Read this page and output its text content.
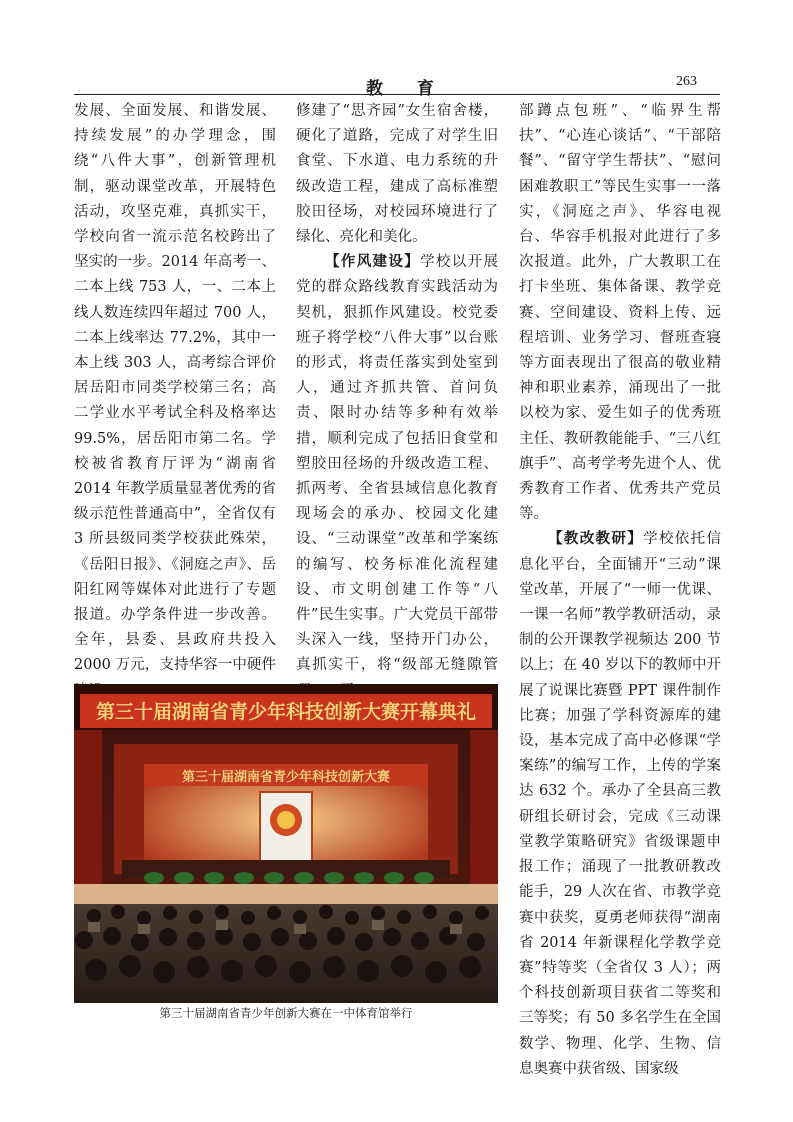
教 育	263

发展、全面发展、和谐发展、持续发展”的办学理念，围绕“八件大事”，创新管理机制，驱动课堂改革，开展特色活动，攻坚克难，真抓实干，学校向省一流示范名校跨出了坚实的一步。2014 年高考一、二本上线 753 人，一、二本上线人数连续四年超过 700 人，二本上线率达 77.2%，其中一本上线 303 人，高考综合评价居岳阳市同类学校第三名；高二学业水平考试全科及格率达 99.5%，居岳阳市第二名。学校被省教育厅评为“湖南省 2014 年教学质量显著优秀的省级示范性普通高中”，全省仅有 3 所县级同类学校获此殊荣，《岳阳日报》、《洞庭之声》、岳阳红网等媒体对此进行了专题报道。办学条件进一步改善。全年，县委、县政府共投入 2000 万元，支持华容一中硬件

修建了“思齐园”女生宿舍楼，硬化了道路，完成了对学生旧食堂、下水道、电力系统的升级改造工程，建成了高标准塑胶田径场，对校园环境进行了绿化、亮化和美化。

【作风建设】学校以开展党的群众路线教育实践活动为契机，狠抓作风建设。校党委班子将学校“八件大事”以台账的形式，将责任落实到处室到人，通过齐抓共管、首问负责、限时办结等多种有效举措，顺利完成了包括旧食堂和塑胶田径场的升级改造工程、抓两考、全省县域信息化教育现场会的承办、校园文化建设、“三动课堂”改革和学案练的编写、校务标准化流程建设、市文明创建工作等“八件”民生实事。广大党员干部带头深入一线，坚持开门办公，真抓实干，将“级部无缝隙管

部蹲点包班”、“临界生帮扶”、“心连心谈话”、“干部陪餐”、“留守学生帮扶”、“慰问困难教职工”等民生实事一一落实，《洞庭之声》、华容电视台、华容手机报对此进行了多次报道。此外，广大教职工在打卡坐班、集体备课、教学竞赛、空间建设、资料上传、远程培训、业务学习、督班查寝等方面表现出了很高的敬业精神和职业素养，涌现出了一批以校为家、爱生如子的优秀班主任、教研教能能手、“三八红旗手”、高考学考先进个人、优秀教育工作者、优秀共产党员等。

【教改教研】学校依托信息化平台，全面铺开“三动”课堂改革，开展了“一师一优课、一课一名师”教学教研活动，录制的公开课教学视频达 200 节以上；在 40 岁以下的教师中开展了说课比赛暨 PPT 课件制作比赛；加强了学科资源库的建设，基本完成了高中必修课“学案练”的编写工作，上传的学案达 632 个。承办了全县高三教研组长研讨会，完成《三动课堂教学策略研究》省级课题申报工作；涌现了一批教研教改能手，29 人次在省、市教学竞赛中获奖，夏勇老师获得“湖南省 2014 年新课程化学教学竞赛”特等奖（全省仅 3 人）；两个科技创新项目获省二等奖和三等奖；有 50 多名学生在全国数学、物理、化学、生物、信息奥赛中获省级、国家级

第三十届湖南省青少年科技创新大赛开幕典礼
第三十届湖南省青少年科技创新大赛
第三十届湖南省青少年创新大赛在一中体育馆举行
